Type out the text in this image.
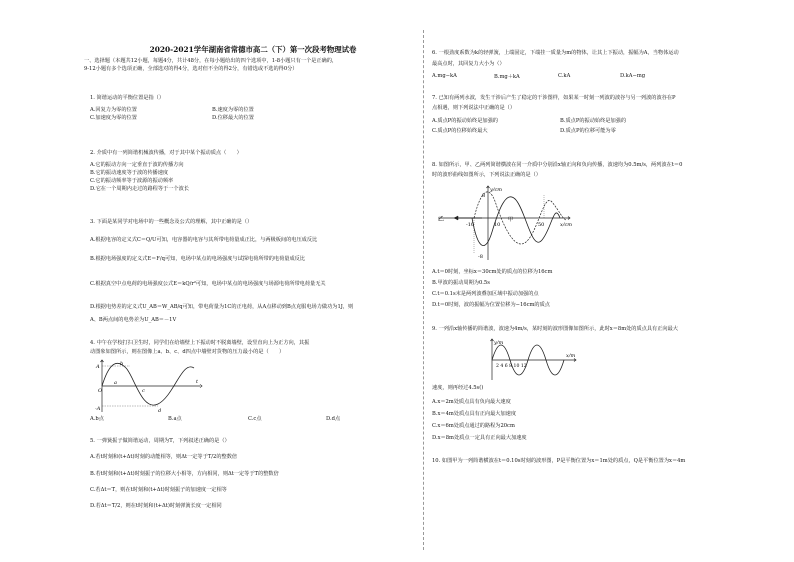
2020-2021学年湖南省常德市高二（下）第一次段考物理试卷
一、选择题（本题共12小题，每题4分，共计48分，在每小题给出的四个选项中，1-8小题只有一个是正确的，
9-12小题有多个选项正确，全部选对的得4分，选对但不全的得2分，有错选或不选的得0分）
1. 简谐运动的平衡位置是指（）
A.回复力为零的位置	B.速度为零的位置
C.加速度为零的位置	D.位移最大的位置
2. 介质中有一列简谐机械波传播，对于其中某个振动质点（　　）
A.它的振动方向一定垂直于波的传播方向
B.它的振动速度等于波的传播速度
C.它的振动频率等于波源的振动频率
D.它在一个周期内走过的路程等于一个波长
3. 下面是某同学对电场中的一些概念及公式的理解，其中正确的是（）
A.根据电容的定义式C＝Q/U可知，电容器的电容与其所带电荷量成正比，与两极板间的电压成反比
B.根据电场强度的定义式E＝F/q可知，电场中某点的电场强度与试探电荷所带的电荷量成反比
C.根据真空中点电荷的电场强度公式E＝kQ/r²可知，电场中某点的电场强度与场源电荷所带电荷量无关
D.根据电势差的定义式U_AB＝W_AB/q可知，带电荷量为1C的正电荷，从A点移动到B点克服电场力做功为1J，则
A、B两点间的电势差为U_AB＝－1V
4. 中午在学校打扫卫生时，同学们在给墙壁上下振动时不脱离墙壁，设竖直向上为正方向，其振
动图象如图所示，则在图像上a、b、c、d四点中墙壁对货物的压力最小的是（　　）
A
-A
O
t
b
a
c
d
A.b点	B.a点	C.c点	D.d点
5. 一弹簧振子做简谐运动，周期为T，下列叙述正确的是（）
A.若t时刻和(t+Δt)时刻的动能相等，则Δt一定等于T/2的整数倍
B.若t时刻和(t+Δt)时刻振子的位移大小相等，方向相同，则Δt一定等于T的整数倍
C.若Δt＝T，则在t时刻和(t+Δt)时刻振子的加速度一定相等
D.若Δt＝T/2，则在t时刻和(t+Δt)时刻弹簧长度一定相同
6. 一根劲度系数为k的轻弹簧，上端固定，下端挂一质量为m的物体，让其上下振动，振幅为A，当物体运动
最高点时，其回复力大小为（）
A.mg−kA	B.mg＋kA	C.kA	D.kA−mg
7. 已知有两列水波，发生干涉后产生了稳定的干涉图样，如果某一时刻一列波的波谷与另一列波的波谷在P
点相遇，则下列说法中正确的是（）
A.质点P的振动始终是加强的	B.质点P的振动始终是加强的
C.质点P的位移始终最大	D.质点P的位移可能为零
8. 如图所示，甲、乙两列简谐横波在同一介质中分别沿x轴正向和负向传播，波速均为0.5m/s，两列波在t＝0
时的波形曲线如图所示，下列说法正确的是（）
y/cm
x/cm
8
-8
-10	10	50
乙	甲
A.t＝0时刻，坐标x＝30cm处的质点的位移为16cm
B.甲波的振动周期为0.5s
C.t＝0.1s末是两列波叠加区域中振动加强的点
D.t＝0时刻，波的振幅为位置位移为−16cm的质点
9. 一列沿x轴传播的简谐波，波速为4m/s，某时刻的波形图像如图所示，此时x＝8m处的质点具有正向最大
y/m
x/m
2 4 6 8 10 12
速度，则再经过4.5s()
A.x＝2m处质点具有负向最大速度
B.x＝4m处质点具有正向最大加速度
C.x＝6m处质点通过的路程为20cm
D.x＝8m处质点一定具有正向最大加速度
10. 如图甲为一列简谐横波在t＝0.10s时刻的波形图，P是平衡位置为x＝1m处的质点，Q是平衡位置为x＝4m
